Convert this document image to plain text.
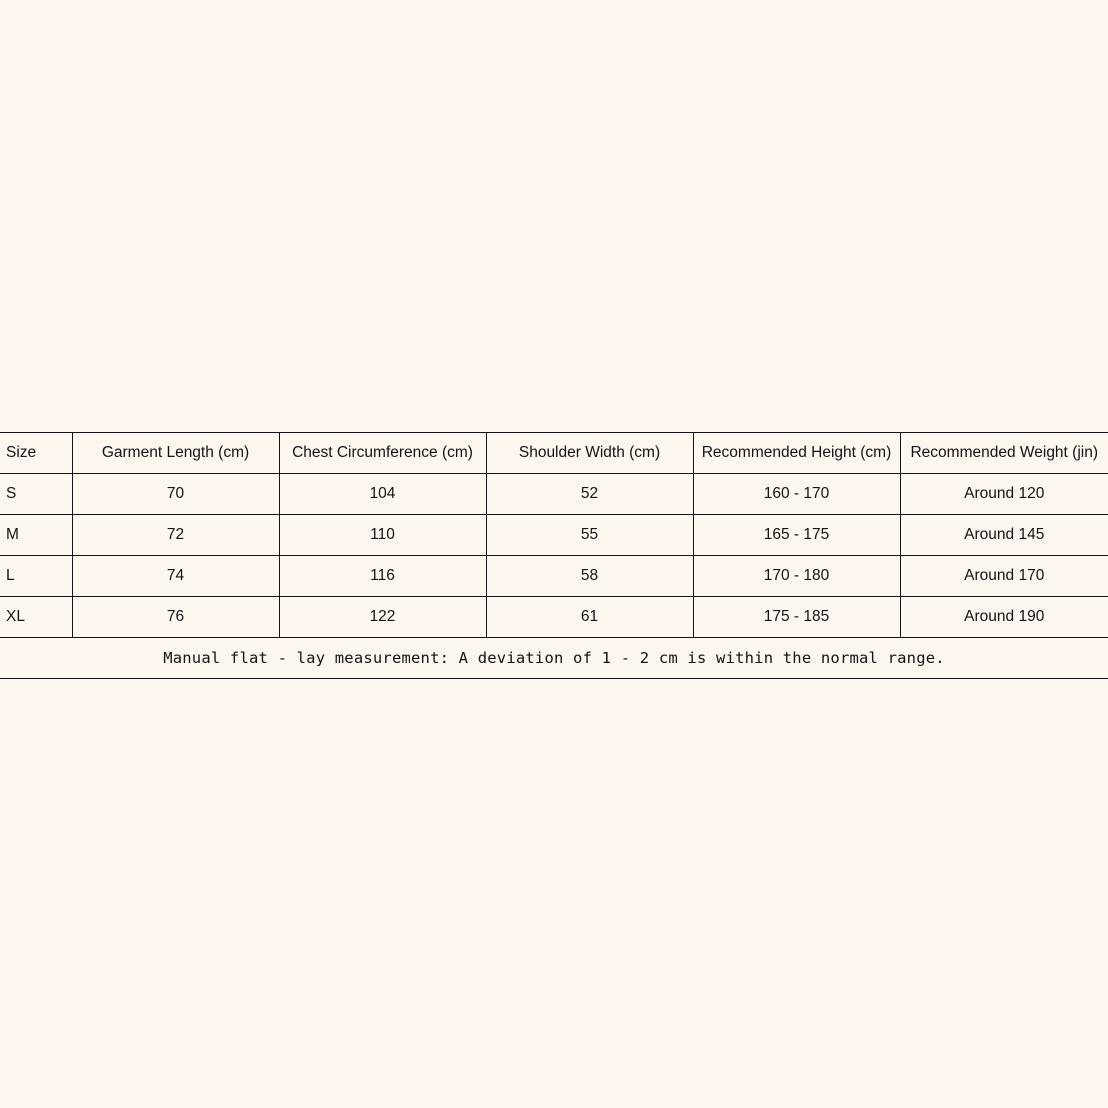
Size	Garment Length (cm)	Chest Circumference (cm)	Shoulder Width (cm)	Recommended Height (cm)	Recommended Weight (jin)
S	70	104	52	160 - 170	Around 120
M	72	110	55	165 - 175	Around 145
L	74	116	58	170 - 180	Around 170
XL	76	122	61	175 - 185	Around 190
Manual flat - lay measurement: A deviation of 1 - 2 cm is within the normal range.					
